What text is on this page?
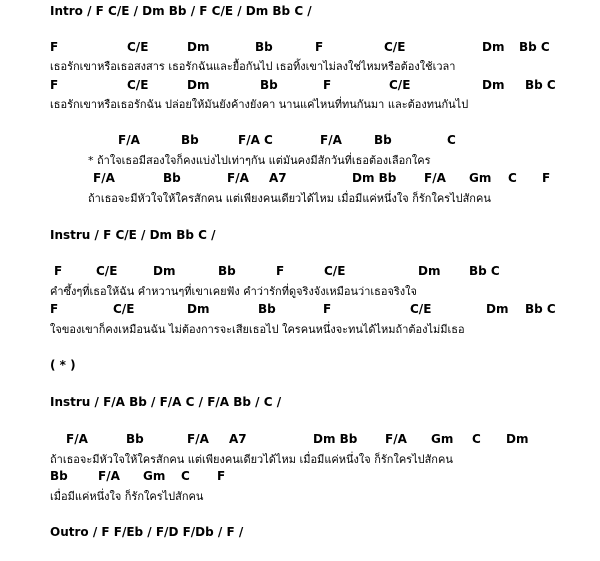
Intro / F C/E / Dm Bb / F C/E / Dm Bb C /
F	C/E	Dm	Bb	F	C/E	Dm Bb C
เธอรักเขาหรือเธอสงสาร เธอรักฉันและยื้อกันไป เธอทิ้งเขาไม่ลงใช่ไหมหรือต้องใช้เวลา
F	C/E	Dm	Bb	F	C/E	Dm Bb C
เธอรักเขาหรือเธอรักฉัน ปล่อยให้มันยังค้างยังคา นานแค่ไหนที่ทนกันมา และต้องทนกันไป
F/A	Bb	F/A C	F/A	Bb	C
* ถ้าใจเธอมีสองใจก็คงแบ่งไปเท่าๆกัน แต่มันคงมีสักวันที่เธอต้องเลือกใคร
F/A	Bb	F/A A7	Dm Bb F/A Gm C F
ถ้าเธอจะมีหัวใจให้ใครสักคน แต่เพียงคนเดียวได้ไหม เมื่อมีแค่หนึ่งใจ ก็รักใครไปสักคน
Instru / F C/E / Dm Bb C /
F	C/E	Dm	Bb	F	C/E	Dm Bb C
คำซึ้งๆที่เธอให้ฉัน คำหวานๆที่เขาเคยฟัง คำว่ารักที่ดูจริงจังเหมือนว่าเธอจริงใจ
F	C/E	Dm	Bb	F	C/E	Dm Bb C
ใจของเขาก็คงเหมือนฉัน ไม่ต้องการจะเสียเธอไป ใครคนหนึ่งจะทนได้ไหมถ้าต้องไม่มีเธอ
( * )
Instru / F/A Bb / F/A C / F/A Bb / C /
F/A	Bb	F/A A7	Dm Bb F/A Gm C Dm
ถ้าเธอจะมีหัวใจให้ใครสักคน แต่เพียงคนเดียวได้ไหม เมื่อมีแค่หนึ่งใจ ก็รักใครไปสักคน
Bb	F/A Gm C F
เมื่อมีแค่หนึ่งใจ ก็รักใครไปสักคน
Outro / F F/Eb / F/D F/Db / F /
